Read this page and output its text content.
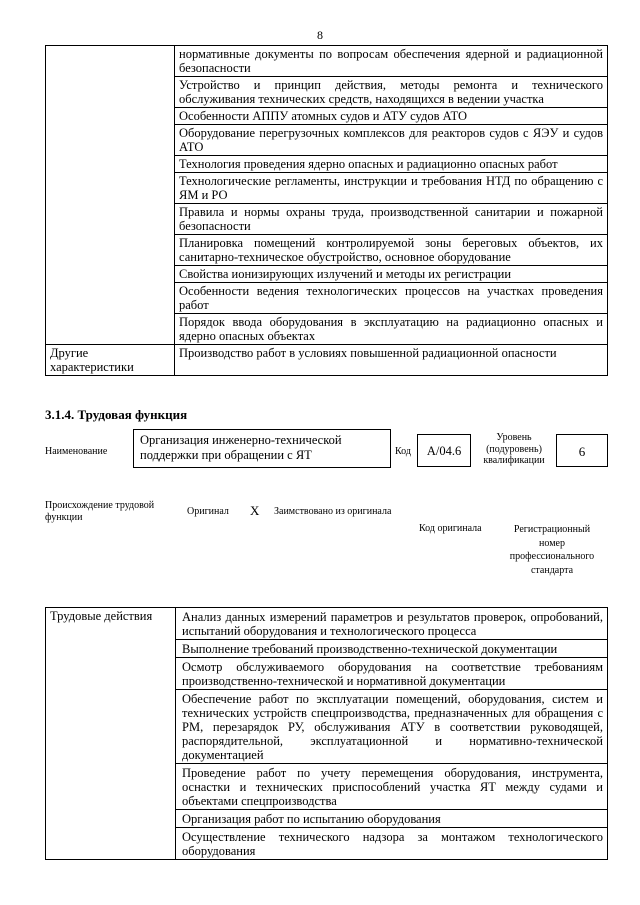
8
	нормативные документы по вопросам обеспечения ядерной и радиационной безопасности
	Устройство и принцип действия, методы ремонта и технического обслуживания технических средств, находящихся в ведении участка
	Особенности АППУ атомных судов и АТУ судов АТО
	Оборудование перегрузочных комплексов для реакторов судов с ЯЭУ и судов АТО
	Технология проведения ядерно опасных и радиационно опасных работ
	Технологические регламенты, инструкции и требования НТД по обращению с ЯМ и РО
	Правила и нормы охраны труда, производственной санитарии и пожарной безопасности
	Планировка помещений контролируемой зоны береговых объектов, их санитарно-техническое обустройство, основное оборудование
	Свойства ионизирующих излучений и методы их регистрации
	Особенности ведения технологических процессов на участках проведения работ
	Порядок ввода оборудования в эксплуатацию на радиационно опасных и ядерно опасных объектах
Другие характеристики	Производство работ в условиях повышенной радиационной опасности
3.1.4. Трудовая функция
Наименование
Организация инженерно-технической поддержки при обращении с ЯТ	Код	А/04.6
Уровень (подуровень) квалификации
6
Происхождение трудовой функции	Оригинал X Заимствовано из оригинала
Код оригинала	Регистрационный номер профессионального стандарта
Трудовые действия	Анализ данных измерений параметров и результатов проверок, опробований, испытаний оборудования и технологического процесса
Выполнение требований производственно-технической документации
Осмотр обслуживаемого оборудования на соответствие требованиям производственно-технической и нормативной документации
Обеспечение работ по эксплуатации помещений, оборудования, систем и технических устройств спецпроизводства, предназначенных для обращения с РМ, перезарядок РУ, обслуживания АТУ в соответствии руководящей, распорядительной, эксплуатационной и нормативно-технической документацией
Проведение работ по учету перемещения оборудования, инструмента, оснастки и технических приспособлений участка ЯТ между судами и объектами спецпроизводства
Организация работ по испытанию оборудования
Осуществление технического надзора за монтажом технологического оборудования
